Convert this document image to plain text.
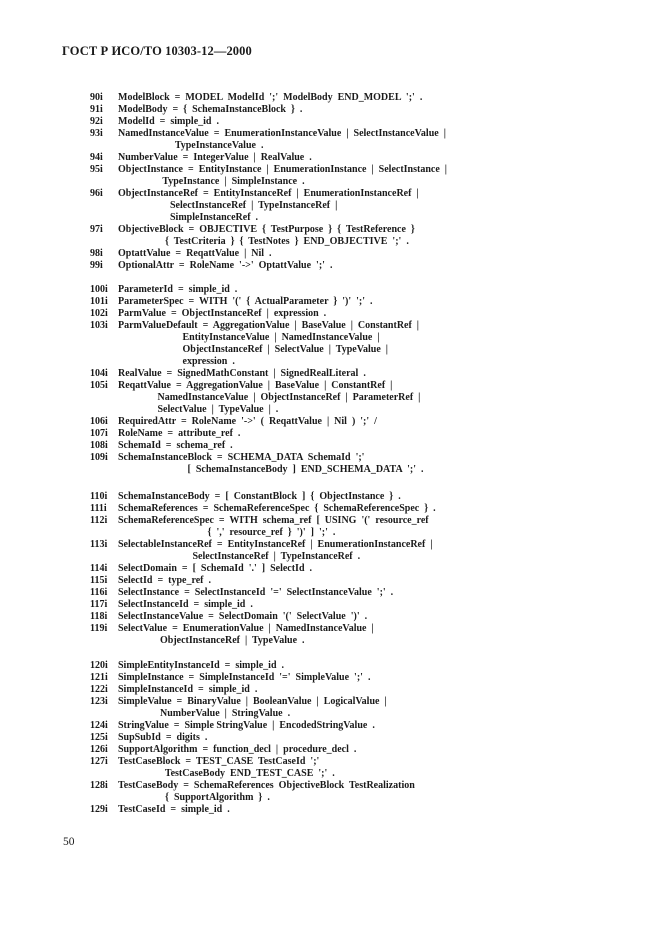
ГОСТ Р ИСО/ТО 10303-12—2000
90i ModelBlock  =  MODEL  ModelId  ';'  ModelBody  END_MODEL  ';'  .
91i ModelBody  =  {  SchemaInstanceBlock  }  .
92i ModelId  =  simple_id  .
93i NamedInstanceValue  =  EnumerationInstanceValue  |  SelectInstanceValue  |
TypeInstanceValue  .
94i NumberValue  =  IntegerValue  |  RealValue  .
95i ObjectInstance  =  EntityInstance  |  EnumerationInstance  |  SelectInstance  |
TypeInstance  |  SimpleInstance  .
96i ObjectInstanceRef  =  EntityInstanceRef  |  EnumerationInstanceRef  |
SelectInstanceRef  |  TypeInstanceRef  |
SimpleInstanceRef  .
97i ObjectiveBlock  =  OBJECTIVE  {  TestPurpose  }  {  TestReference  }
{  TestCriteria  }  {  TestNotes  }  END_OBJECTIVE  ';'  .
98i OptattValue  =  ReqattValue  |  Nil  .
99i OptionalAttr  =  RoleName  '->'  OptattValue  ';'  .
100i ParameterId  =  simple_id  .
101i ParameterSpec  =  WITH  '('  {  ActualParameter  }  ')'  ';'  .
102i ParmValue  =  ObjectInstanceRef  |  expression  .
103i ParmValueDefault  =  AggregationValue  |  BaseValue  |  ConstantRef  |
EntityInstanceValue  |  NamedInstanceValue  |
ObjectInstanceRef  |  SelectValue  |  TypeValue  |
expression  .
104i RealValue  =  SignedMathConstant  |  SignedRealLiteral  .
105i ReqattValue  =  AggregationValue  |  BaseValue  |  ConstantRef  |
NamedInstanceValue  |  ObjectInstanceRef  |  ParameterRef  |
SelectValue  |  TypeValue  |  .
106i RequiredAttr  =  RoleName  '->'  (  ReqattValue  |  Nil  )  ';'  /
107i RoleName  =  attribute_ref  .
108i SchemaId  =  schema_ref  .
109i SchemaInstanceBlock  =  SCHEMA_DATA  SchemaId  ';'
[  SchemaInstanceBody  ]  END_SCHEMA_DATA  ';'  .
110i SchemaInstanceBody  =  [  ConstantBlock  ]  {  ObjectInstance  }  .
111i SchemaReferences  =  SchemaReferenceSpec  {  SchemaReferenceSpec  }  .
112i SchemaReferenceSpec  =  WITH  schema_ref  [  USING  '('  resource_ref
{  ','  resource_ref  }  ')'  ]  ';'  .
113i SelectableInstanceRef  =  EntityInstanceRef  |  EnumerationInstanceRef  |
SelectInstanceRef  |  TypeInstanceRef  .
114i SelectDomain  =  [  SchemaId  '.'  ]  SelectId  .
115i SelectId  =  type_ref  .
116i SelectInstance  =  SelectInstanceId  '='  SelectInstanceValue  ';'  .
117i SelectInstanceId  =  simple_id  .
118i SelectInstanceValue  =  SelectDomain  '('  SelectValue  ')'  .
119i SelectValue  =  EnumerationValue  |  NamedInstanceValue  |
ObjectInstanceRef  |  TypeValue  .
120i SimpleEntityInstanceId  =  simple_id  .
121i SimpleInstance  =  SimpleInstanceId  '='  SimpleValue  ';'  .
122i SimpleInstanceId  =  simple_id  .
123i SimpleValue  =  BinaryValue  |  BooleanValue  |  LogicalValue  |
NumberValue  |  StringValue  .
124i StringValue  =  Simple StringValue  |  EncodedStringValue  .
125i SupSubId  =  digits  .
126i SupportAlgorithm  =  function_decl  |  procedure_decl  .
127i TestCaseBlock  =  TEST_CASE  TestCaseId  ';'
TestCaseBody  END_TEST_CASE  ';'  .
128i TestCaseBody  =  SchemaReferences  ObjectiveBlock  TestRealization
{  SupportAlgorithm  }  .
129i TestCaseId  =  simple_id  .
50
